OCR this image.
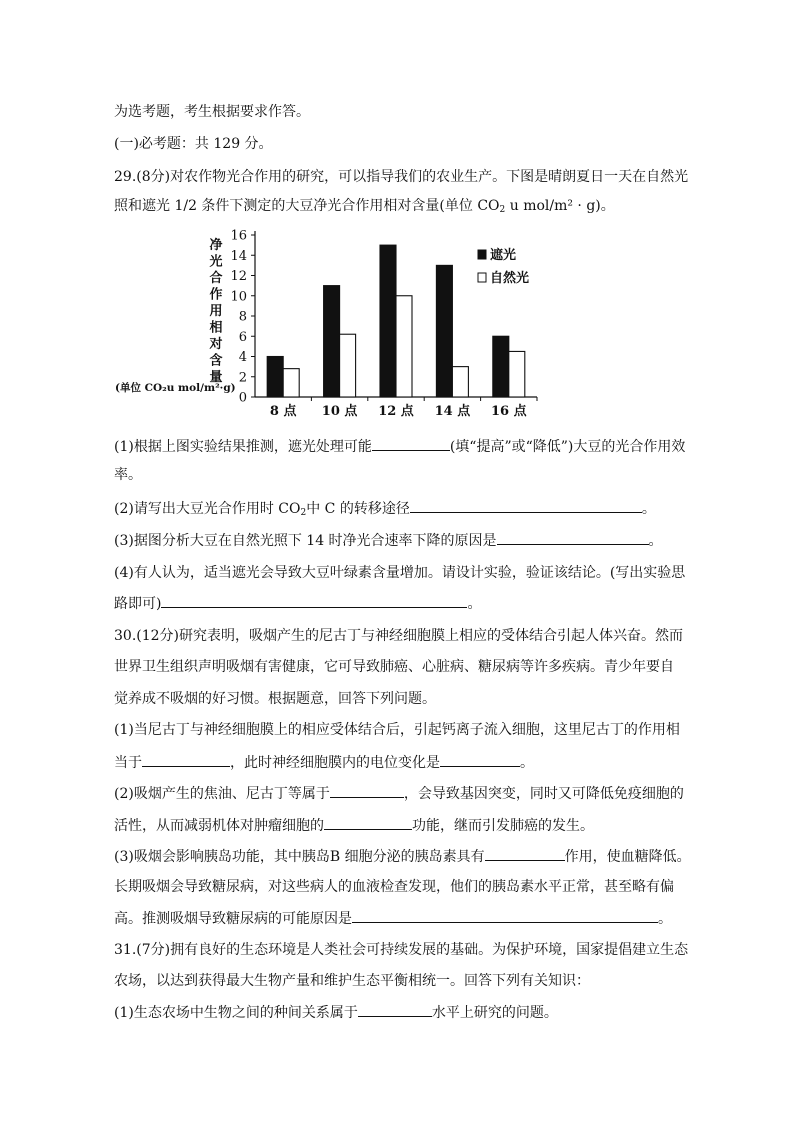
为选考题，考生根据要求作答。
(一)必考题：共 129 分。
29.(8分)对农作物光合作用的研究，可以指导我们的农业生产。下图是晴朗夏日一天在自然光
照和遮光 1/2 条件下测定的大豆净光合作用相对含量(单位 $CO_2$ u mol/m² · g)。
净光合作用相对含量
(单位 CO₂u mol/m²·g)
0
2
4
6
8
10
12
14
16
8 点 10 点 12 点 14 点 16 点
遮光
自然光
(1)根据上图实验结果推测，遮光处理可能	(填“提高”或“降低”)大豆的光合作用效
率。
(2)请写出大豆光合作用时 $CO_2$中 C 的转移途径	。
(3)据图分析大豆在自然光照下 14 时净光合速率下降的原因是	。
(4)有人认为，适当遮光会导致大豆叶绿素含量增加。请设计实验，验证该结论。(写出实验思
路即可)	。
30.(12分)研究表明，吸烟产生的尼古丁与神经细胞膜上相应的受体结合引起人体兴奋。然而
世界卫生组织声明吸烟有害健康，它可导致肺癌、心脏病、糖尿病等许多疾病。青少年要自
觉养成不吸烟的好习惯。根据题意，回答下列问题。
(1)当尼古丁与神经细胞膜上的相应受体结合后，引起钙离子流入细胞，这里尼古丁的作用相
当于	，此时神经细胞膜内的电位变化是	。
(2)吸烟产生的焦油、尼古丁等属于	，会导致基因突变，同时又可降低免疫细胞的
活性，从而减弱机体对肿瘤细胞的	功能，继而引发肺癌的发生。
(3)吸烟会影响胰岛功能，其中胰岛B 细胞分泌的胰岛素具有	作用，使血糖降低。
长期吸烟会导致糖尿病，对这些病人的血液检查发现，他们的胰岛素水平正常，甚至略有偏
高。推测吸烟导致糖尿病的可能原因是	。
31.(7分)拥有良好的生态环境是人类社会可持续发展的基础。为保护环境，国家提倡建立生态
农场，以达到获得最大生物产量和维护生态平衡相统一。回答下列有关知识：
(1)生态农场中生物之间的种间关系属于	水平上研究的问题。
